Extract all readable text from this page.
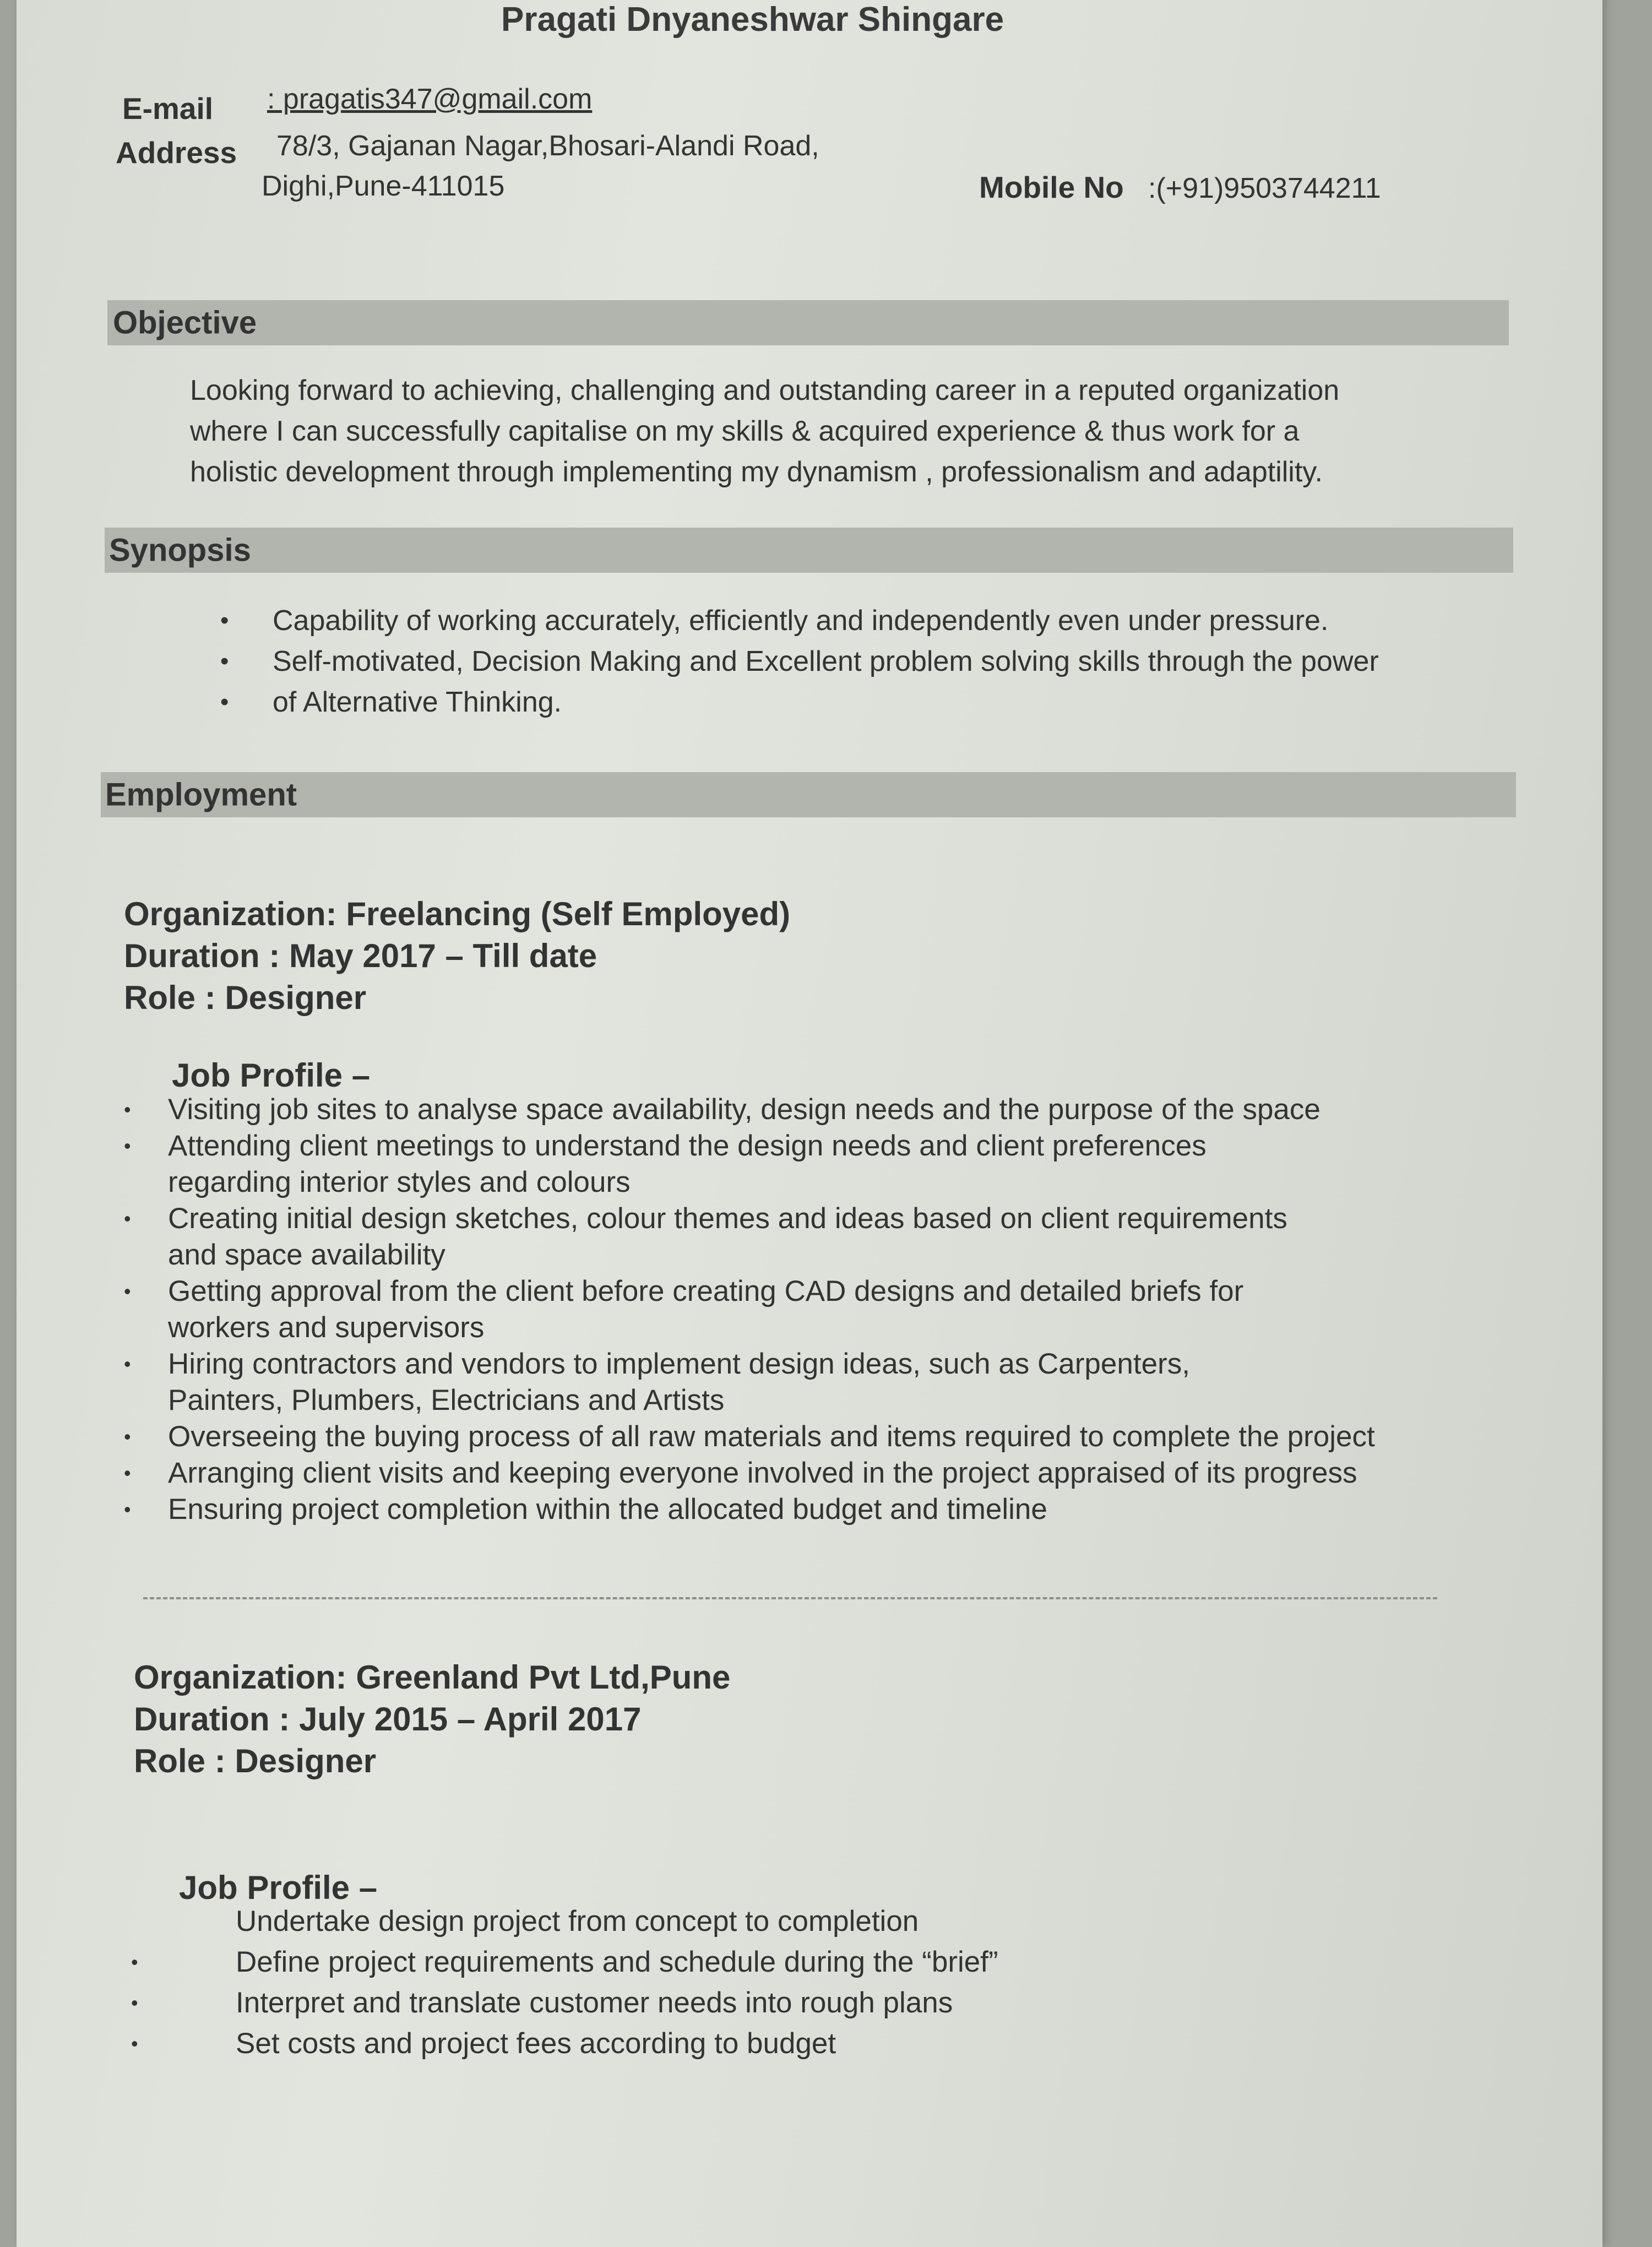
Pragati Dnyaneshwar Shingare
E-mail : pragatis347@gmail.com
Address 78/3, Gajanan Nagar,Bhosari-Alandi Road,
Dighi,Pune-411015	Mobile No :(+91)9503744211
Objective
Looking forward to achieving, challenging and outstanding career in a reputed organization
where I can successfully capitalise on my skills & acquired experience & thus work for a
holistic development through implementing my dynamism , professionalism and adaptility.
Synopsis
• Capability of working accurately, efficiently and independently even under pressure.
• Self-motivated, Decision Making and Excellent problem solving skills through the power
• of Alternative Thinking.
Employment
Organization: Freelancing (Self Employed)
Duration : May 2017 – Till date
Role : Designer
Job Profile –
• Visiting job sites to analyse space availability, design needs and the purpose of the space
• Attending client meetings to understand the design needs and client preferences
regarding interior styles and colours
• Creating initial design sketches, colour themes and ideas based on client requirements
and space availability
• Getting approval from the client before creating CAD designs and detailed briefs for
workers and supervisors
• Hiring contractors and vendors to implement design ideas, such as Carpenters,
Painters, Plumbers, Electricians and Artists
• Overseeing the buying process of all raw materials and items required to complete the project
• Arranging client visits and keeping everyone involved in the project appraised of its progress
• Ensuring project completion within the allocated budget and timeline
Organization: Greenland Pvt Ltd,Pune
Duration : July 2015 – April 2017
Role : Designer
Job Profile –
Undertake design project from concept to completion
• Define project requirements and schedule during the “brief”
• Interpret and translate customer needs into rough plans
• Set costs and project fees according to budget
